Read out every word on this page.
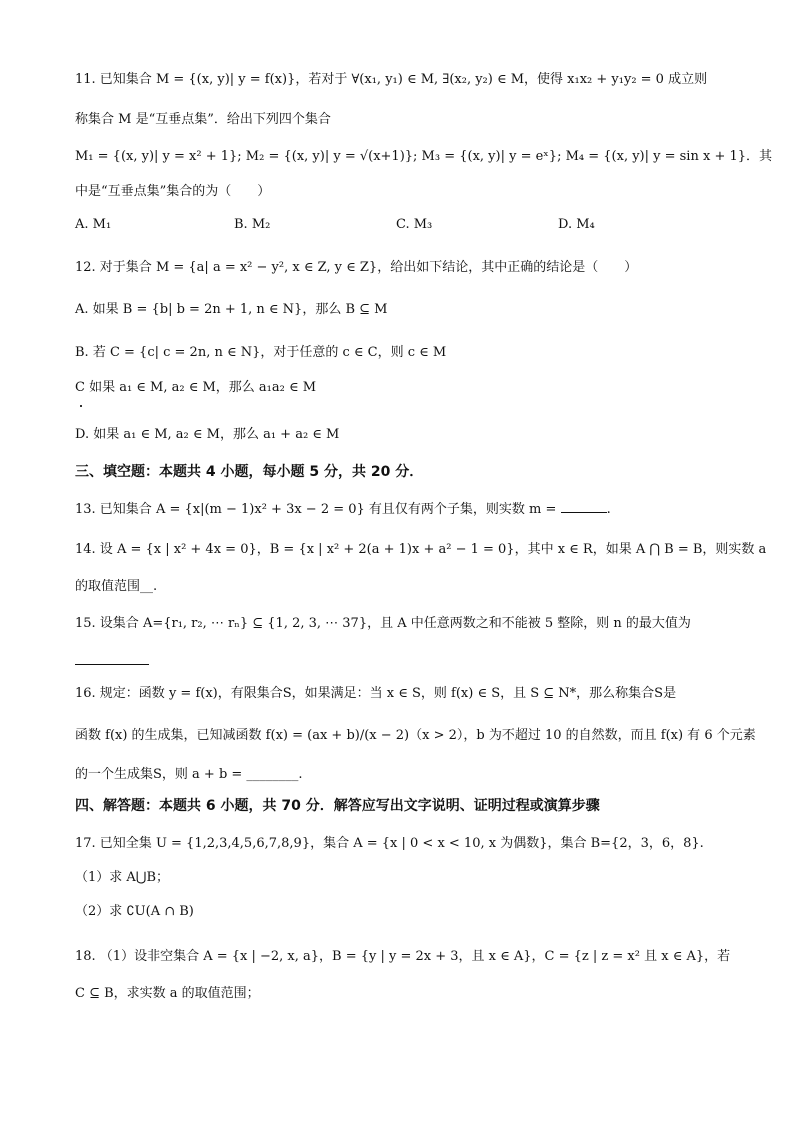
11. 已知集合 M = {(x, y)| y = f(x)}，若对于 ∀(x₁, y₁) ∈ M, ∃(x₂, y₂) ∈ M，使得 x₁x₂ + y₁y₂ = 0 成立则
称集合 M 是“互垂点集”．给出下列四个集合
M₁ = {(x, y)| y = x² + 1}; M₂ = {(x, y)| y = √(x+1)}; M₃ = {(x, y)| y = eˣ}; M₄ = {(x, y)| y = sin x + 1}．其
中是“互垂点集”集合的为（　　）
A. M₁	B. M₂	C. M₃	D. M₄
12. 对于集合 M = {a| a = x² − y², x ∈ Z, y ∈ Z}，给出如下结论，其中正确的结论是（　　）
A. 如果 B = {b| b = 2n + 1, n ∈ N}，那么 B ⊆ M
B. 若 C = {c| c = 2n, n ∈ N}，对于任意的 c ∈ C，则 c ∈ M
C 如果 a₁ ∈ M, a₂ ∈ M，那么 a₁a₂ ∈ M
D. 如果 a₁ ∈ M, a₂ ∈ M，那么 a₁ + a₂ ∈ M
三、填空题：本题共 4 小题，每小题 5 分，共 20 分．
13. 已知集合 A = {x|(m − 1)x² + 3x − 2 = 0} 有且仅有两个子集，则实数 m =	.
14. 设 A = {x | x² + 4x = 0}，B = {x | x² + 2(a + 1)x + a² − 1 = 0}，其中 x ∈ R，如果 A ⋂ B = B，则实数 a
的取值范围__.
15. 设集合 A={r₁, r₂, ⋯ rₙ} ⊆ {1, 2, 3, ⋯ 37}，且 A 中任意两数之和不能被 5 整除，则 n 的最大值为
16. 规定：函数 y = f(x)，有限集合S，如果满足：当 x ∈ S，则 f(x) ∈ S，且 S ⊆ N*，那么称集合S是
函数 f(x) 的生成集，已知减函数 f(x) = (ax + b)/(x − 2)（x > 2），b 为不超过 10 的自然数，而且 f(x) 有 6 个元素
的一个生成集S，则 a + b = ________.
四、解答题：本题共 6 小题，共 70 分．解答应写出文字说明、证明过程或演算步骤
17. 已知全集 U = {1,2,3,4,5,6,7,8,9}，集合 A = {x | 0 < x < 10, x 为偶数}，集合 B={2，3，6，8}.
（1）求 A⋃B；
（2）求 ∁U(A ∩ B)
18. （1）设非空集合 A = {x | −2, x, a}，B = {y | y = 2x + 3，且 x ∈ A}，C = {z | z = x² 且 x ∈ A}，若
C ⊆ B，求实数 a 的取值范围；
